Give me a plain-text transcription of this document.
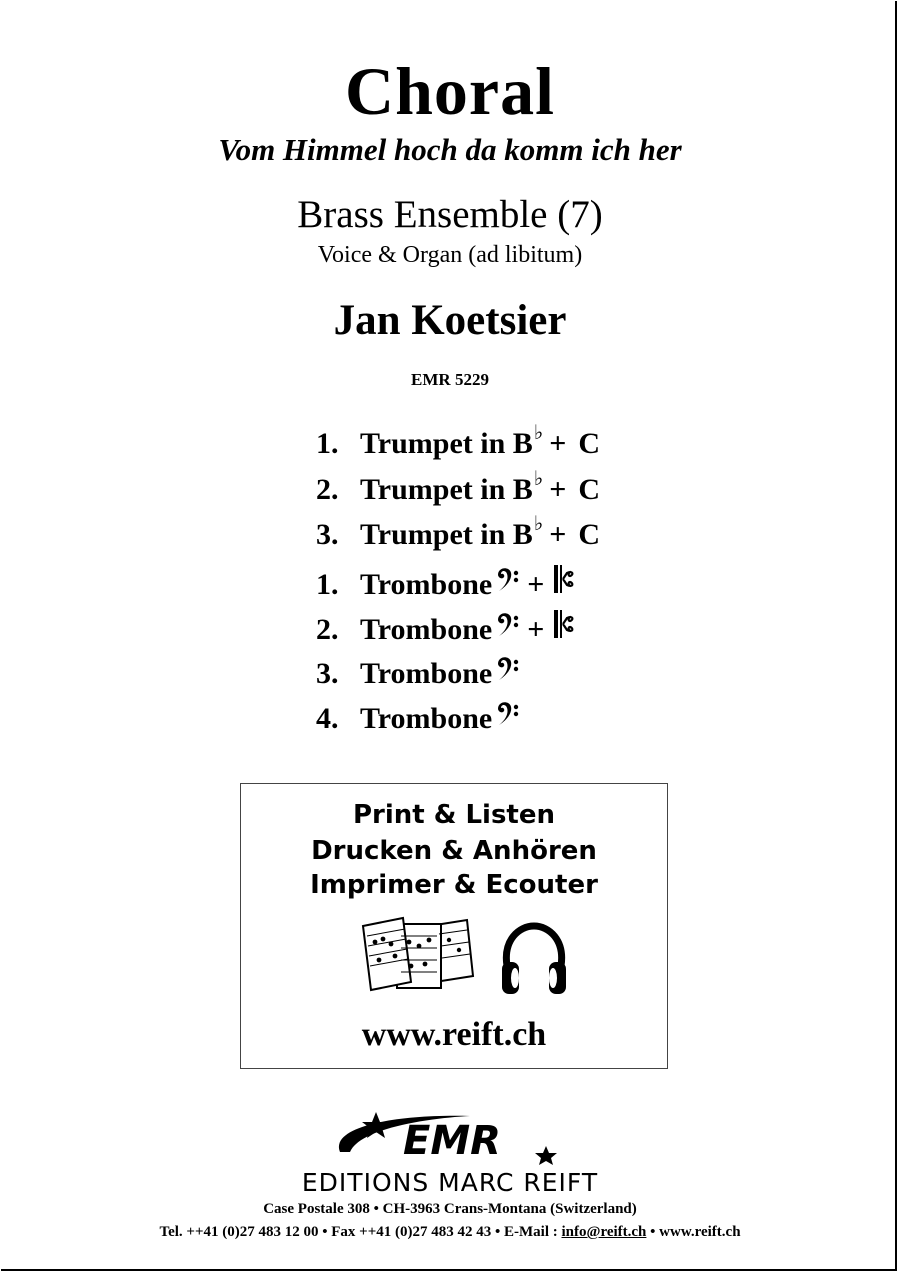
Choral
Vom Himmel hoch da komm ich her
Brass Ensemble (7)
Voice & Organ (ad libitum)
Jan Koetsier
EMR 5229
1. Trumpet in B ♭ + C
2. Trumpet in B ♭ + C
3. Trumpet in B ♭ + C
1. Trombone +
2. Trombone +
3. Trombone
4. Trombone
Print & Listen
Drucken & Anhören
Imprimer & Ecouter
www.reift.ch
EMR
EDITIONS MARC REIFT
Case Postale 308 • CH-3963 Crans-Montana (Switzerland)
Tel. ++41 (0)27 483 12 00 • Fax ++41 (0)27 483 42 43 • E-Mail : info@reift.ch • www.reift.ch
